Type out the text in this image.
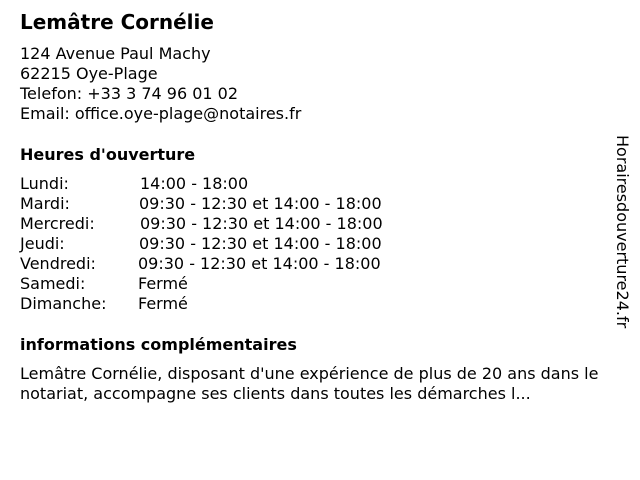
Lemâtre Cornélie
124 Avenue Paul Machy
62215 Oye-Plage
Telefon: +33 3 74 96 01 02
Email: office.oye-plage@notaires.fr
Heures d'ouverture
Lundi:	14:00 - 18:00
Mardi:	09:30 - 12:30 et 14:00 - 18:00
Mercredi:	09:30 - 12:30 et 14:00 - 18:00
Jeudi:	09:30 - 12:30 et 14:00 - 18:00
Vendredi:	09:30 - 12:30 et 14:00 - 18:00
Samedi:	Fermé
Dimanche: Fermé
informations complémentaires
Lemâtre Cornélie, disposant d'une expérience de plus de 20 ans dans le notariat, accompagne ses clients dans toutes les démarches l...
Horairesdouverture24.fr
